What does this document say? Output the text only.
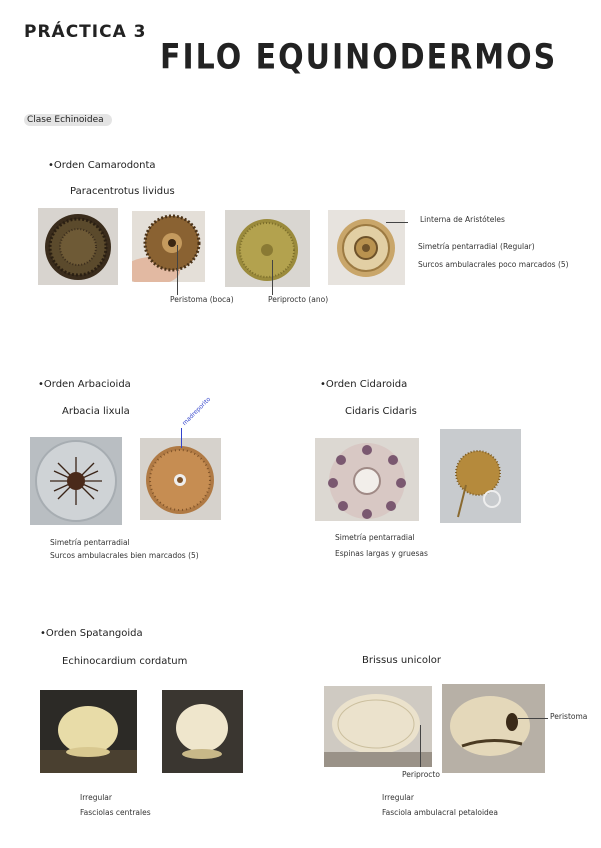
PRÁCTICA 3
FILO EQUINODERMOS
Clase Echinoidea
•Orden Camarodonta
Paracentrotus lividus
Linterna de Aristóteles
Simetría pentarradial (Regular)
Surcos ambulacrales poco marcados (5)
Peristoma (boca)	Periprocto (ano)
•Orden Arbacioida
Arbacia lixula	madreporito
Simetría pentarradial
Surcos ambulacrales bien marcados (5)
•Orden Cidaroida
Cidaris Cidaris
Simetría pentarradial
Espinas largas y gruesas
•Orden Spatangoida
Echinocardium cordatum	Brissus unicolor
Peristoma
Periprocto
Irregular
Fasciolas centrales
Irregular
Fasciola ambulacral petaloidea
